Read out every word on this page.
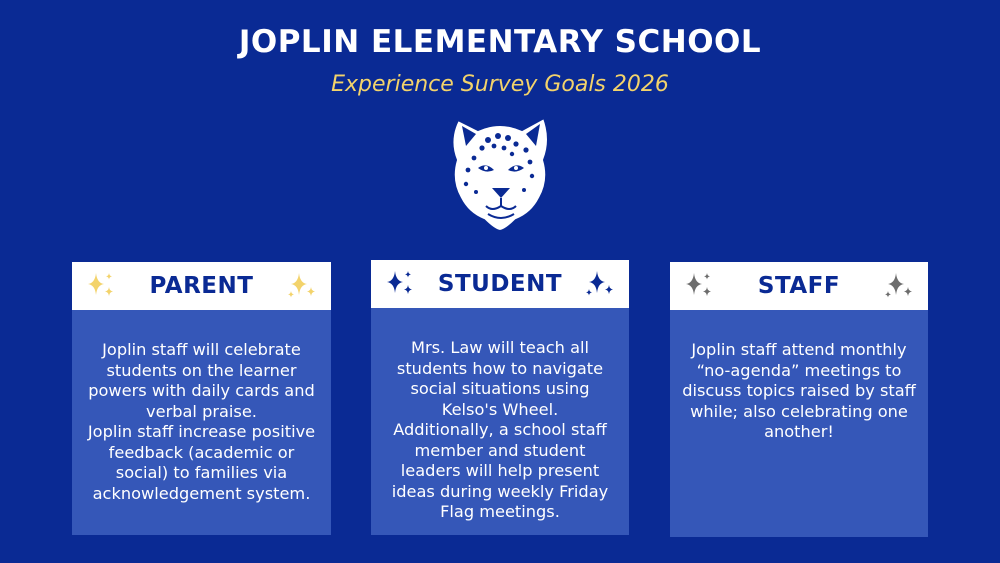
JOPLIN ELEMENTARY SCHOOL
Experience Survey Goals 2026
PARENT
Joplin staff will celebrate
students on the learner
powers with daily cards and
verbal praise.
Joplin staff increase positive
feedback (academic or
social) to families via
acknowledgement system.
STUDENT
Mrs. Law will teach all
students how to navigate
social situations using
Kelso's Wheel.
Additionally, a school staff
member and student
leaders will help present
ideas during weekly Friday
Flag meetings.
STAFF
Joplin staff attend monthly
“no-agenda” meetings to
discuss topics raised by staff
while; also celebrating one
another!
